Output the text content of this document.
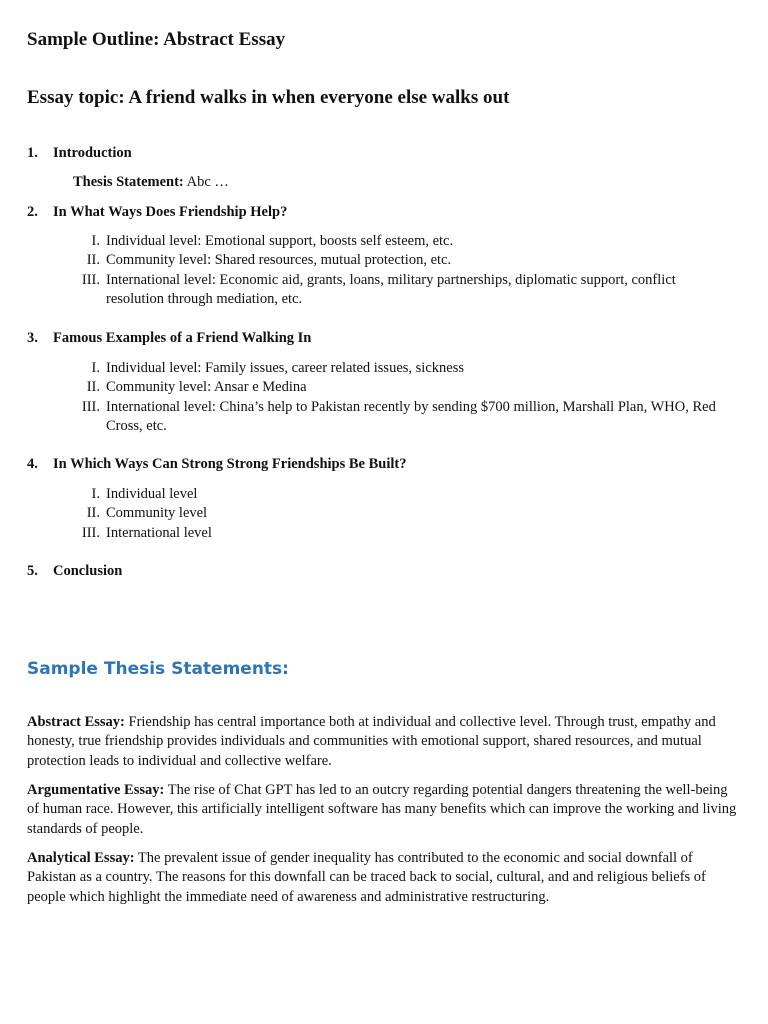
Sample Outline: Abstract Essay
Essay topic: A friend walks in when everyone else walks out
1. Introduction
Thesis Statement: Abc …
2. In What Ways Does Friendship Help?
I. Individual level: Emotional support, boosts self esteem, etc.
II. Community level: Shared resources, mutual protection, etc.
III. International level: Economic aid, grants, loans, military partnerships, diplomatic support, conflict resolution through mediation, etc.
3. Famous Examples of a Friend Walking In
I. Individual level: Family issues, career related issues, sickness
II. Community level: Ansar e Medina
III. International level: China’s help to Pakistan recently by sending $700 million, Marshall Plan, WHO, Red Cross, etc.
4. In Which Ways Can Strong Strong Friendships Be Built?
I. Individual level
II. Community level
III. International level
5. Conclusion
Sample Thesis Statements:

Abstract Essay: Friendship has central importance both at individual and collective level. Through trust, empathy and honesty, true friendship provides individuals and communities with emotional support, shared resources, and mutual protection leads to individual and collective welfare.

Argumentative Essay: The rise of Chat GPT has led to an outcry regarding potential dangers threatening the well-being of human race. However, this artificially intelligent software has many benefits which can improve the working and living standards of people.

Analytical Essay: The prevalent issue of gender inequality has contributed to the economic and social downfall of Pakistan as a country. The reasons for this downfall can be traced back to social, cultural, and and religious beliefs of people which highlight the immediate need of awareness and administrative restructuring.
